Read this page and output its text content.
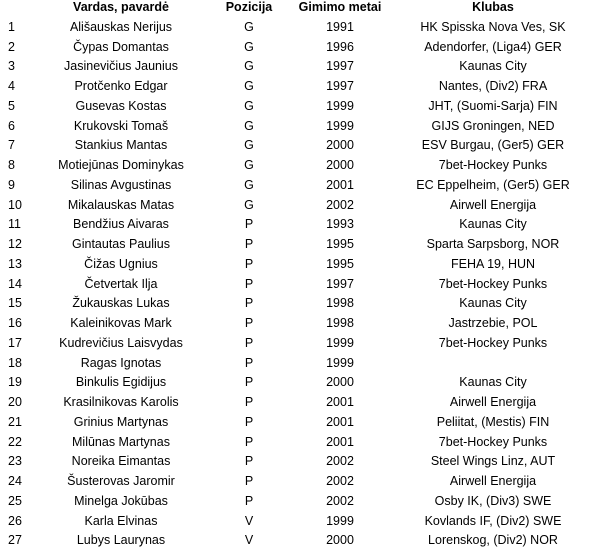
	Vardas, pavardė	Pozicija	Gimimo metai	Klubas
1	Ališauskas Nerijus	G	1991	HK Spisska Nova Ves, SK
2	Čypas Domantas	G	1996	Adendorfer, (Liga4) GER
3	Jasinevičius Jaunius	G	1997	Kaunas City
4	Protčenko Edgar	G	1997	Nantes, (Div2) FRA
5	Gusevas Kostas	G	1999	JHT, (Suomi-Sarja) FIN
6	Krukovski Tomaš	G	1999	GIJS Groningen, NED
7	Stankius Mantas	G	2000	ESV Burgau, (Ger5) GER
8	Motiejūnas Dominykas	G	2000	7bet-Hockey Punks
9	Silinas Avgustinas	G	2001	EC Eppelheim, (Ger5) GER
10	Mikalauskas Matas	G	2002	Airwell Energija
11	Bendžius Aivaras	P	1993	Kaunas City
12	Gintautas Paulius	P	1995	Sparta Sarpsborg, NOR
13	Čižas Ugnius	P	1995	FEHA 19, HUN
14	Četvertak Ilja	P	1997	7bet-Hockey Punks
15	Žukauskas Lukas	P	1998	Kaunas City
16	Kaleinikovas Mark	P	1998	Jastrzebie, POL
17	Kudrevičius Laisvydas	P	1999	7bet-Hockey Punks
18	Ragas Ignotas	P	1999	
19	Binkulis Egidijus	P	2000	Kaunas City
20	Krasilnikovas Karolis	P	2001	Airwell Energija
21	Grinius Martynas	P	2001	Peliitat, (Mestis) FIN
22	Milūnas Martynas	P	2001	7bet-Hockey Punks
23	Noreika Eimantas	P	2002	Steel Wings Linz, AUT
24	Šusterovas Jaromir	P	2002	Airwell Energija
25	Minelga Jokūbas	P	2002	Osby IK, (Div3) SWE
26	Karla Elvinas	V	1999	Kovlands IF, (Div2) SWE
27	Lubys Laurynas	V	2000	Lorenskog, (Div2) NOR
